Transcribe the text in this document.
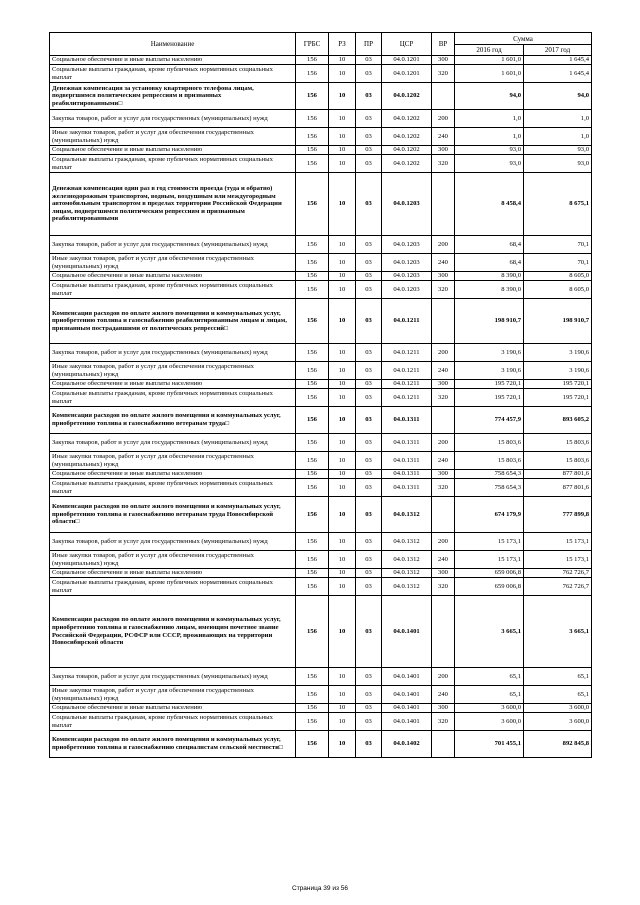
Наименование	ГРБС	РЗ	ПР	ЦСР	ВР	Сумма	
						2016 год	2017 год
Социальное обеспечение и иные выплаты населению	156	10	03	04.0.1201	300	1 601,0	1 645,4
Социальные выплаты гражданам, кроме публичных нормативных социальных выплат	156	10	03	04.0.1201	320	1 601,0	1 645,4
Денежная компенсация за установку квартирного телефона лицам, подвергшимся политическим репрессиям и признанных реабилитированными□	156	10	03	04.0.1202		94,0	94,0
Закупка товаров, работ и услуг для государственных (муниципальных) нужд	156	10	03	04.0.1202	200	1,0	1,0
Иные закупки товаров, работ и услуг для обеспечения государственных (муниципальных) нужд	156	10	03	04.0.1202	240	1,0	1,0
Социальное обеспечение и иные выплаты населению	156	10	03	04.0.1202	300	93,0	93,0
Социальные выплаты гражданам, кроме публичных нормативных социальных выплат	156	10	03	04.0.1202	320	93,0	93,0
Денежная компенсация один раз в год стоимости проезда (туда и обратно) железнодорожным транспортом, водным, воздушным или междугородным автомобильным транспортом в пределах территории Российской Федерации лицам, подвергшимся политическим репрессиям и признанным реабилитированными	156	10	03	04.0.1203		8 458,4	8 675,1
Закупка товаров, работ и услуг для государственных (муниципальных) нужд	156	10	03	04.0.1203	200	68,4	70,1
Иные закупки товаров, работ и услуг для обеспечения государственных (муниципальных) нужд	156	10	03	04.0.1203	240	68,4	70,1
Социальное обеспечение и иные выплаты населению	156	10	03	04.0.1203	300	8 390,0	8 605,0
Социальные выплаты гражданам, кроме публичных нормативных социальных выплат	156	10	03	04.0.1203	320	8 390,0	8 605,0
Компенсация расходов по оплате жилого помещения и коммунальных услуг, приобретению топлива и газоснабжению реабилитированным лицам и лицам, признанным пострадавшими от политических репрессий□	156	10	03	04.0.1211		198 910,7	198 910,7
Закупка товаров, работ и услуг для государственных (муниципальных) нужд	156	10	03	04.0.1211	200	3 190,6	3 190,6
Иные закупки товаров, работ и услуг для обеспечения государственных (муниципальных) нужд	156	10	03	04.0.1211	240	3 190,6	3 190,6
Социальное обеспечение и иные выплаты населению	156	10	03	04.0.1211	300	195 720,1	195 720,1
Социальные выплаты гражданам, кроме публичных нормативных социальных выплат	156	10	03	04.0.1211	320	195 720,1	195 720,1
Компенсация расходов по оплате жилого помещения и коммунальных услуг, приобретению топлива и газоснабжению ветеранам труда□	156	10	03	04.0.1311		774 457,9	893 605,2
Закупка товаров, работ и услуг для государственных (муниципальных) нужд	156	10	03	04.0.1311	200	15 803,6	15 803,6
Иные закупки товаров, работ и услуг для обеспечения государственных (муниципальных) нужд	156	10	03	04.0.1311	240	15 803,6	15 803,6
Социальное обеспечение и иные выплаты населению	156	10	03	04.0.1311	300	758 654,3	877 801,6
Социальные выплаты гражданам, кроме публичных нормативных социальных выплат	156	10	03	04.0.1311	320	758 654,3	877 801,6
Компенсация расходов по оплате жилого помещения и коммунальных услуг, приобретению топлива и газоснабжению ветеранам труда Новосибирской области□	156	10	03	04.0.1312		674 179,9	777 899,8
Закупка товаров, работ и услуг для государственных (муниципальных) нужд	156	10	03	04.0.1312	200	15 173,1	15 173,1
Иные закупки товаров, работ и услуг для обеспечения государственных (муниципальных) нужд	156	10	03	04.0.1312	240	15 173,1	15 173,1
Социальное обеспечение и иные выплаты населению	156	10	03	04.0.1312	300	659 006,8	762 726,7
Социальные выплаты гражданам, кроме публичных нормативных социальных выплат	156	10	03	04.0.1312	320	659 006,8	762 726,7
Компенсация расходов по оплате жилого помещения и коммунальных услуг, приобретению топлива и газоснабжению лицам, имеющим почетное звание Российской Федерации, РСФСР или СССР, проживающих на территории Новосибирской области	156	10	03	04.0.1401		3 665,1	3 665,1
Закупка товаров, работ и услуг для государственных (муниципальных) нужд	156	10	03	04.0.1401	200	65,1	65,1
Иные закупки товаров, работ и услуг для обеспечения государственных (муниципальных) нужд	156	10	03	04.0.1401	240	65,1	65,1
Социальное обеспечение и иные выплаты населению	156	10	03	04.0.1401	300	3 600,0	3 600,0
Социальные выплаты гражданам, кроме публичных нормативных социальных выплат	156	10	03	04.0.1401	320	3 600,0	3 600,0
Компенсация расходов по оплате жилого помещения и коммунальных услуг, приобретению топлива и газоснабжению специалистам сельской местности□	156	10	03	04.0.1402		701 455,1	892 845,8
Страница 39 из 56
